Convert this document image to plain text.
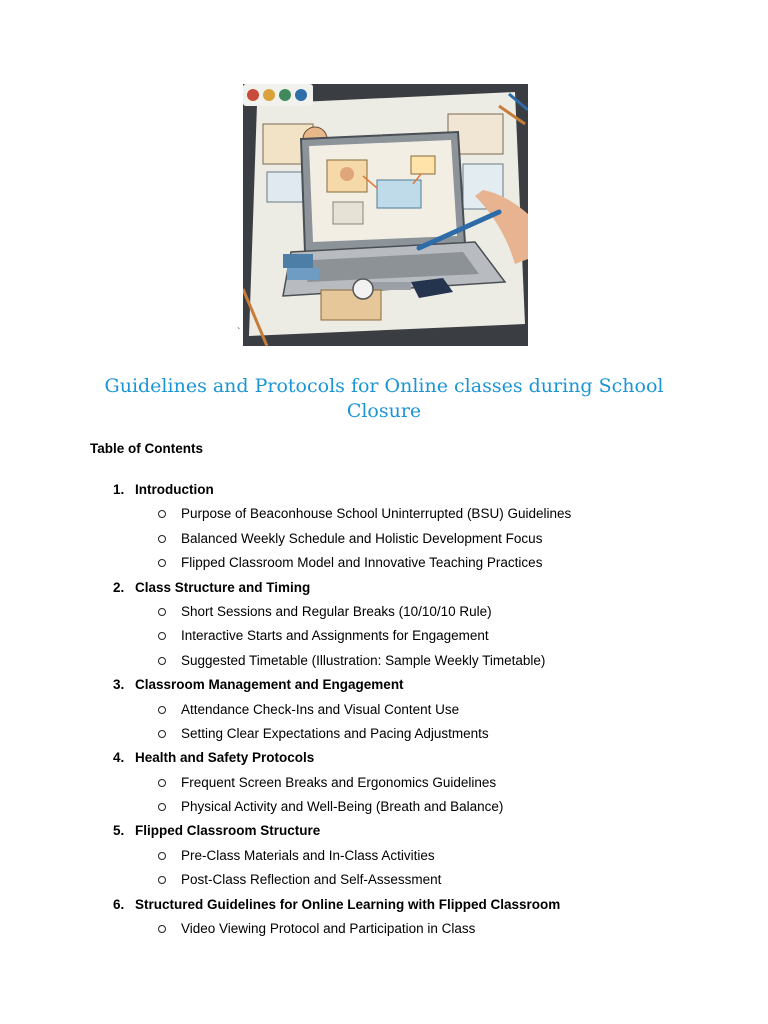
`
Guidelines and Protocols for Online classes during School Closure

Table of Contents

1. Introduction
Purpose of Beaconhouse School Uninterrupted (BSU) Guidelines
Balanced Weekly Schedule and Holistic Development Focus
Flipped Classroom Model and Innovative Teaching Practices
2. Class Structure and Timing
Short Sessions and Regular Breaks (10/10/10 Rule)
Interactive Starts and Assignments for Engagement
Suggested Timetable (Illustration: Sample Weekly Timetable)
3. Classroom Management and Engagement
Attendance Check-Ins and Visual Content Use
Setting Clear Expectations and Pacing Adjustments
4. Health and Safety Protocols
Frequent Screen Breaks and Ergonomics Guidelines
Physical Activity and Well-Being (Breath and Balance)
5. Flipped Classroom Structure
Pre-Class Materials and In-Class Activities
Post-Class Reflection and Self-Assessment
6. Structured Guidelines for Online Learning with Flipped Classroom
Video Viewing Protocol and Participation in Class
